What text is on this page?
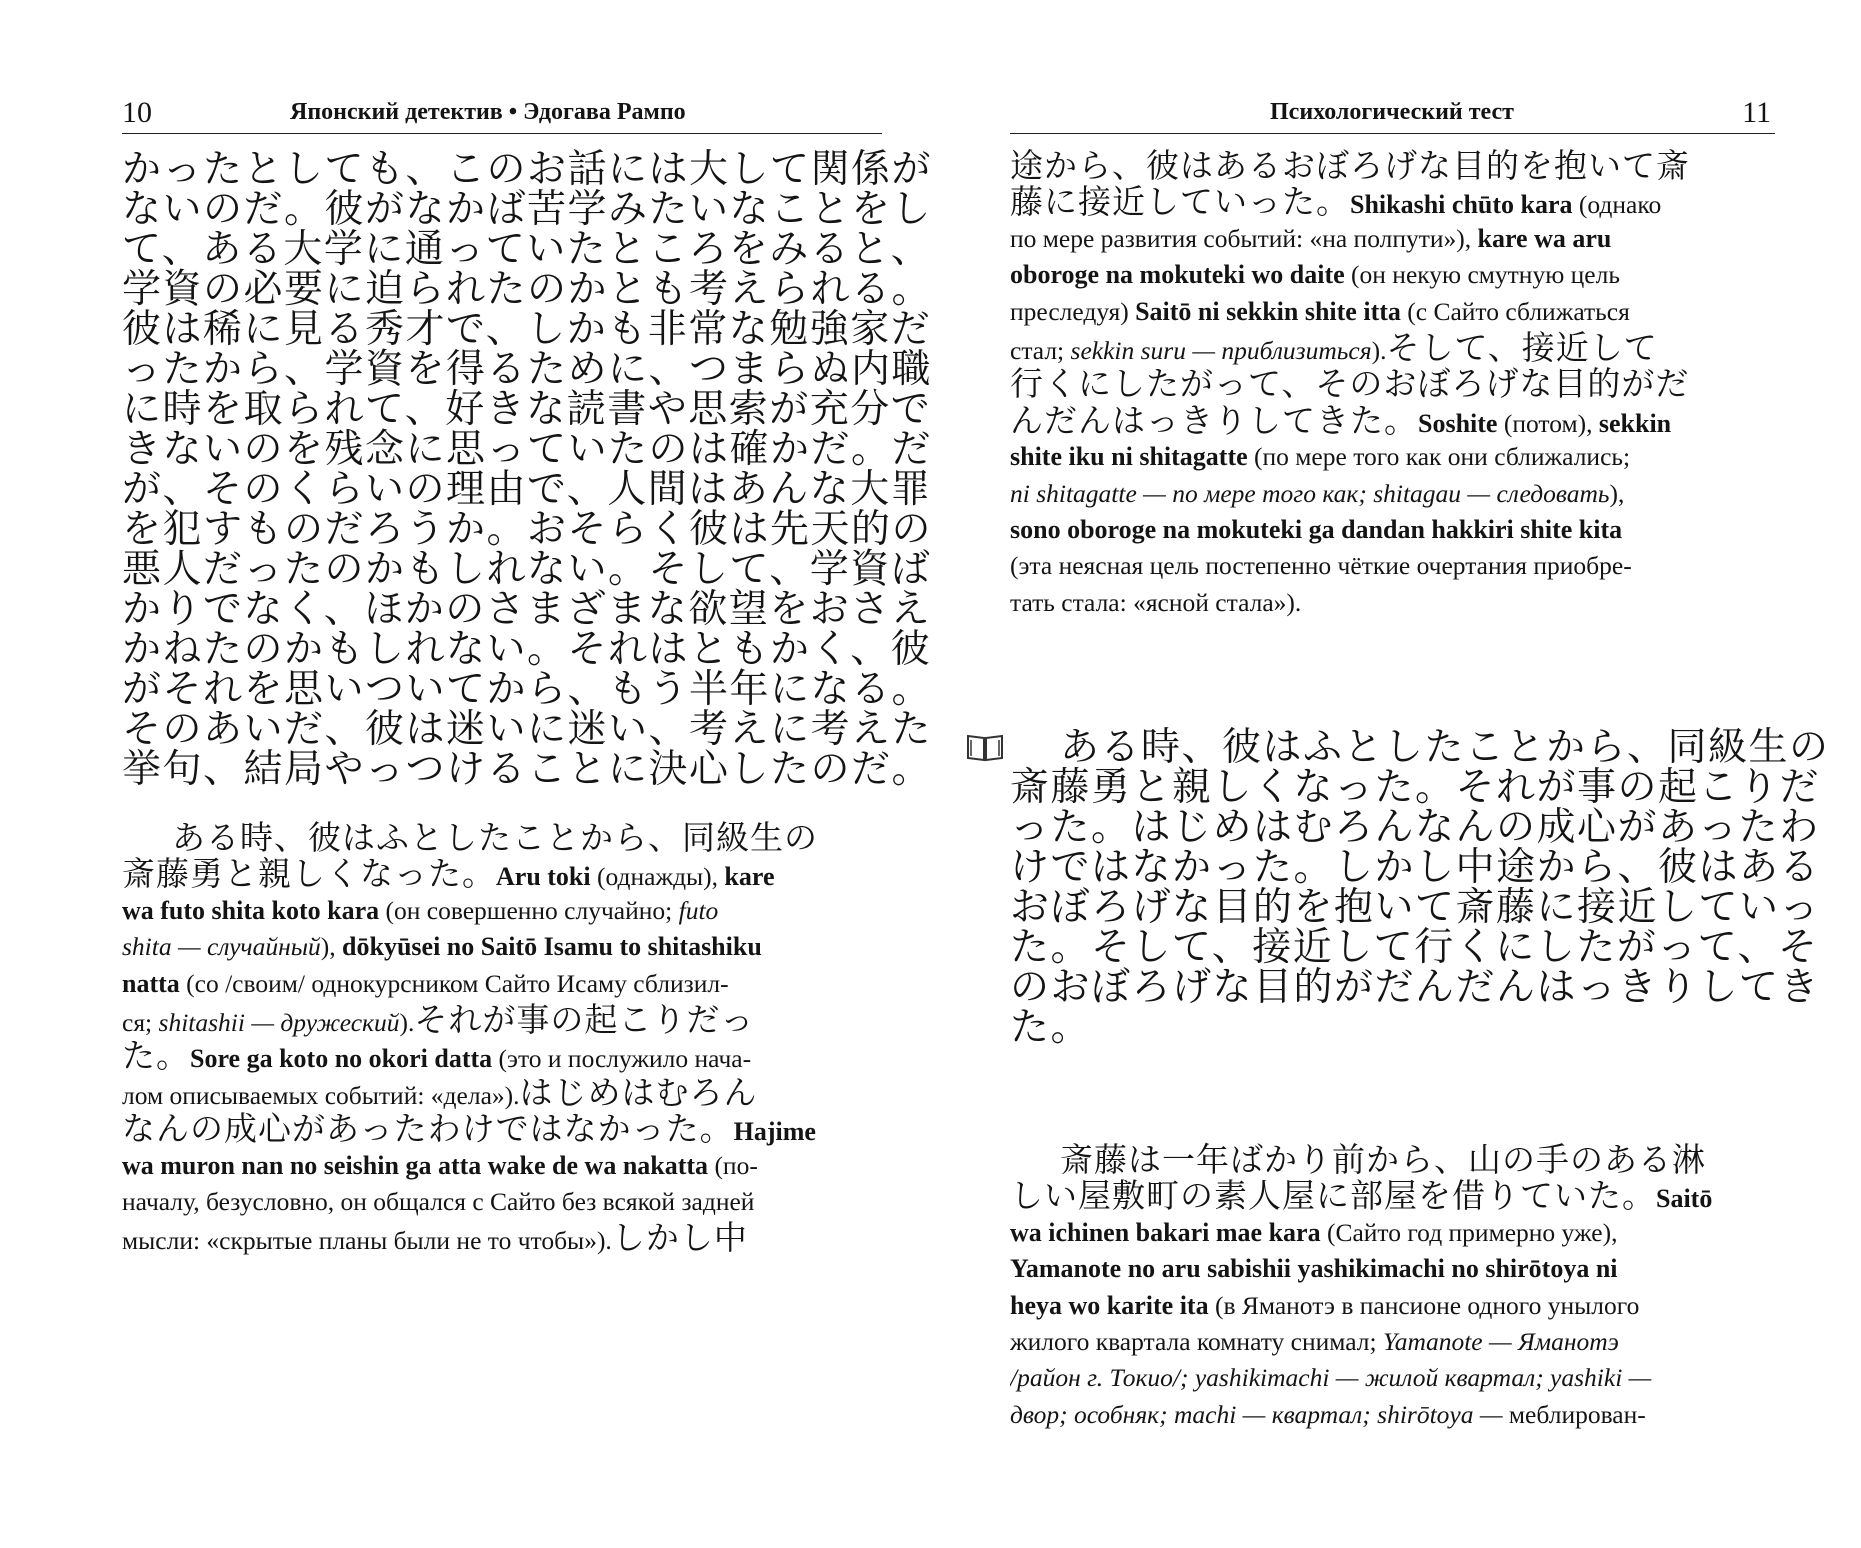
10	Японский детектив • Эдогава Рампо
かったとしても、このお話には大して関係が
ないのだ。彼がなかば苦学みたいなことをし
て、ある大学に通っていたところをみると、
学資の必要に迫られたのかとも考えられる。
彼は稀に見る秀才で、しかも非常な勉強家だ
ったから、学資を得るために、つまらぬ内職
に時を取られて、好きな読書や思索が充分で
きないのを残念に思っていたのは確かだ。だ
が、そのくらいの理由で、人間はあんな大罪
を犯すものだろうか。おそらく彼は先天的の
悪人だったのかもしれない。そして、学資ば
かりでなく、ほかのさまざまな欲望をおさえ
かねたのかもしれない。それはともかく、彼
がそれを思いついてから、もう半年になる。
そのあいだ、彼は迷いに迷い、考えに考えた
挙句、結局やっつけることに決心したのだ。
ある時、彼はふとしたことから、同級生の
斎藤勇と親しくなった。Aru toki (однажды), kare
wa futo shita koto kara (он совершенно случайно; futo
shita — случайный), dōkyūsei no Saitō Isamu to shitashiku
natta (со /своим/ однокурсником Сайто Исаму сблизил-
ся; shitashii — дружеский).それが事の起こりだっ
た。Sore ga koto no okori datta (это и послужило нача-
лом описываемых событий: «дела»).はじめはむろん
なんの成心があったわけではなかった。Hajime
wa muron nan no seishin ga atta wake de wa nakatta (по-
началу, безусловно, он общался с Сайто без всякой задней
мысли: «скрытые планы были не то чтобы»).しかし中
Психологический тест	11
途から、彼はあるおぼろげな目的を抱いて斎
藤に接近していった。Shikashi chūto kara (однако
по мере развития событий: «на полпути»), kare wa aru
oboroge na mokuteki wo daite (он некую смутную цель
преследуя) Saitō ni sekkin shite itta (с Сайто сближаться
стал; sekkin suru — приблизиться).そして、接近して
行くにしたがって、そのおぼろげな目的がだ
んだんはっきりしてきた。Soshite (потом), sekkin
shite iku ni shitagatte (по мере того как они сближались;
ni shitagatte — по мере того как; shitagau — следовать),
sono oboroge na mokuteki ga dandan hakkiri shite kita
(эта неясная цель постепенно чёткие очертания приобре-
тать стала: «ясной стала»).
ある時、彼はふとしたことから、同級生の
斎藤勇と親しくなった。それが事の起こりだ
った。はじめはむろんなんの成心があったわ
けではなかった。しかし中途から、彼はある
おぼろげな目的を抱いて斎藤に接近していっ
た。そして、接近して行くにしたがって、そ
のおぼろげな目的がだんだんはっきりしてき
た。
斎藤は一年ばかり前から、山の手のある淋
しい屋敷町の素人屋に部屋を借りていた。Saitō
wa ichinen bakari mae kara (Сайто год примерно уже),
Yamanote no aru sabishii yashikimachi no shirōtoya ni
heya wo karite ita (в Яманотэ в пансионе одного унылого
жилого квартала комнату снимал; Yamanote — Яманотэ
/район г. Токио/; yashikimachi — жилой квартал; yashiki —
двор; особняк; machi — квартал; shirōtoya — меблирован-
